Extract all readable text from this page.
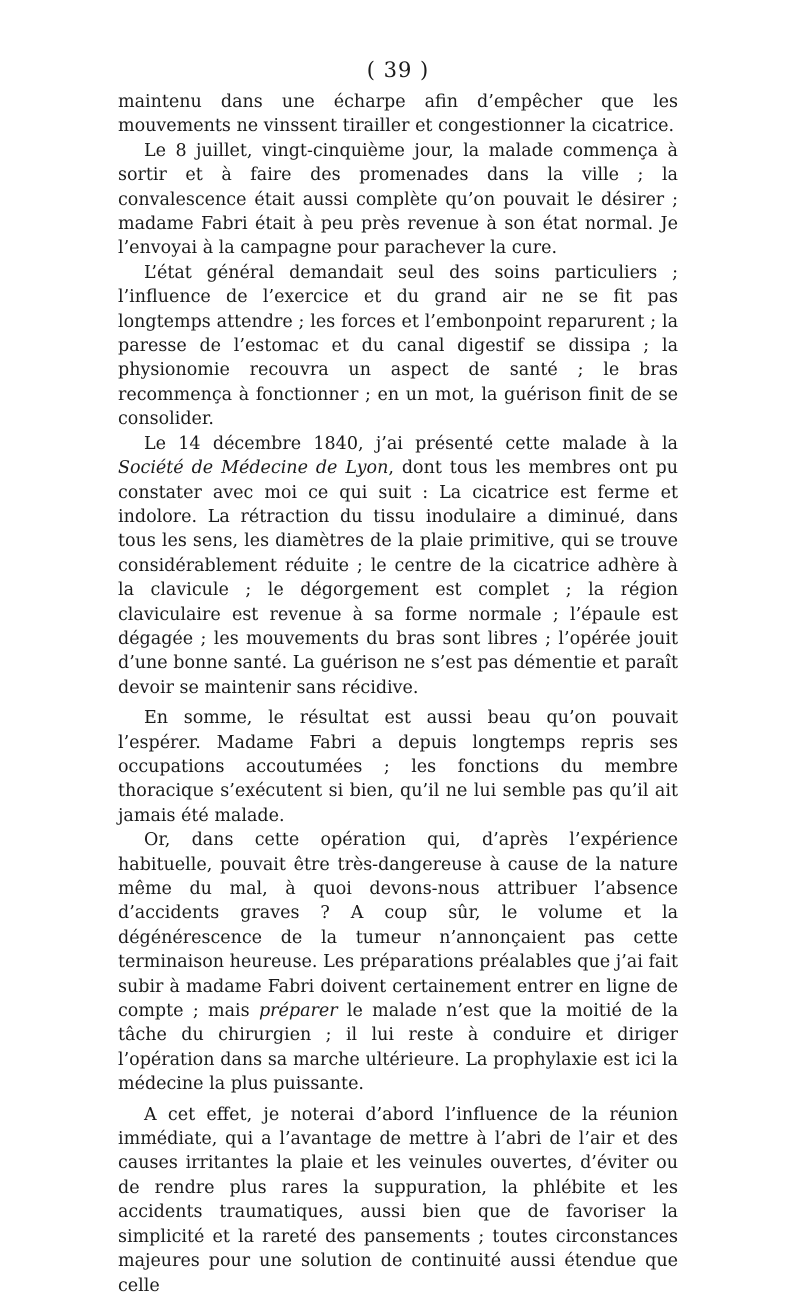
( 39 )

maintenu dans une écharpe afin d’empêcher que les mouvements ne vinssent tirailler et congestionner la cicatrice.

Le 8 juillet, vingt-cinquième jour, la malade commença à sortir et à faire des promenades dans la ville ; la convalescence était aussi complète qu’on pouvait le désirer ; madame Fabri était à peu près revenue à son état normal. Je l’envoyai à la campagne pour parachever la cure.

L’état général demandait seul des soins particuliers ; l’influence de l’exercice et du grand air ne se fit pas longtemps attendre ; les forces et l’embonpoint reparurent ; la paresse de l’estomac et du canal digestif se dissipa ; la physionomie recouvra un aspect de santé ; le bras recommença à fonctionner ; en un mot, la guérison finit de se consolider.

Le 14 décembre 1840, j’ai présenté cette malade à la Société de Médecine de Lyon, dont tous les membres ont pu constater avec moi ce qui suit : La cicatrice est ferme et indolore. La rétraction du tissu inodulaire a diminué, dans tous les sens, les diamètres de la plaie primitive, qui se trouve considérablement réduite ; le centre de la cicatrice adhère à la clavicule ; le dégorgement est complet ; la région claviculaire est revenue à sa forme normale ; l’épaule est dégagée ; les mouvements du bras sont libres ; l’opérée jouit d’une bonne santé. La guérison ne s’est pas démentie et paraît devoir se maintenir sans récidive.

En somme, le résultat est aussi beau qu’on pouvait l’espérer. Madame Fabri a depuis longtemps repris ses occupations accoutumées ; les fonctions du membre thoracique s’exécutent si bien, qu’il ne lui semble pas qu’il ait jamais été malade.

Or, dans cette opération qui, d’après l’expérience habituelle, pouvait être très-dangereuse à cause de la nature même du mal, à quoi devons-nous attribuer l’absence d’accidents graves ? A coup sûr, le volume et la dégénérescence de la tumeur n’annonçaient pas cette terminaison heureuse. Les préparations préalables que j’ai fait subir à madame Fabri doivent certainement entrer en ligne de compte ; mais préparer le malade n’est que la moitié de la tâche du chirurgien ; il lui reste à conduire et diriger l’opération dans sa marche ultérieure. La prophylaxie est ici la médecine la plus puissante.

A cet effet, je noterai d’abord l’influence de la réunion immédiate, qui a l’avantage de mettre à l’abri de l’air et des causes irritantes la plaie et les veinules ouvertes, d’éviter ou de rendre plus rares la suppuration, la phlébite et les accidents traumatiques, aussi bien que de favoriser la simplicité et la rareté des pansements ; toutes circonstances majeures pour une solution de continuité aussi étendue que celle
